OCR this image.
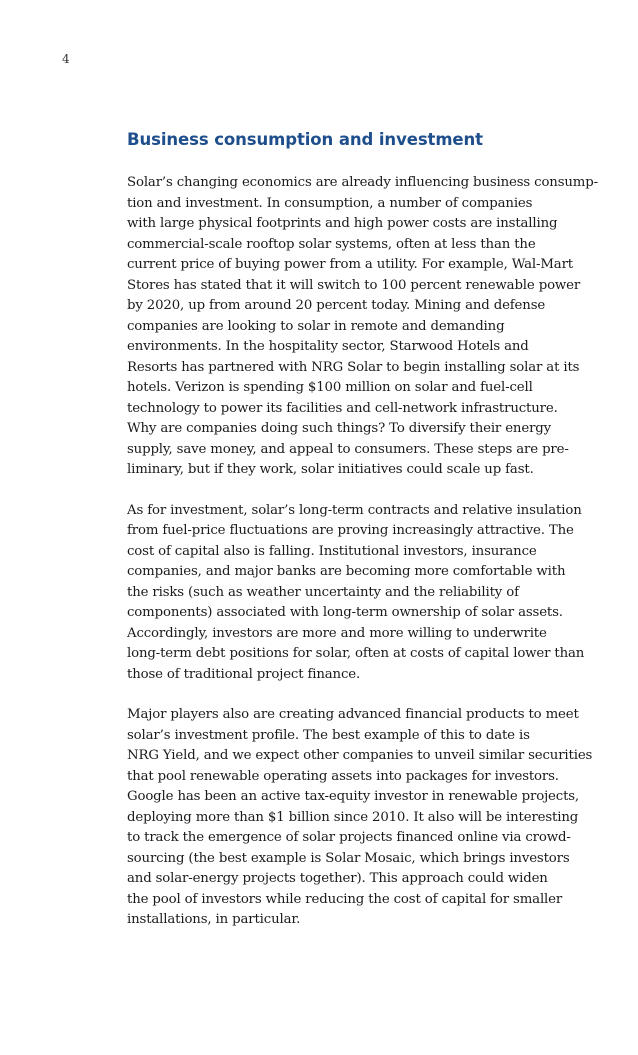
4
Business consumption and investment

Solar’s changing economics are already influencing business consump-
tion and investment. In consumption, a number of companies
with large physical footprints and high power costs are installing
commercial-scale rooftop solar systems, often at less than the
current price of buying power from a utility. For example, Wal-Mart
Stores has stated that it will switch to 100 percent renewable power
by 2020, up from around 20 percent today. Mining and defense
companies are looking to solar in remote and demanding
environments. In the hospitality sector, Starwood Hotels and
Resorts has partnered with NRG Solar to begin installing solar at its
hotels. Verizon is spending $100 million on solar and fuel-cell
technology to power its facilities and cell-network infrastructure.
Why are companies doing such things? To diversify their energy
supply, save money, and appeal to consumers. These steps are pre-
liminary, but if they work, solar initiatives could scale up fast.

As for investment, solar’s long-term contracts and relative insulation
from fuel-price fluctuations are proving increasingly attractive. The
cost of capital also is falling. Institutional investors, insurance
companies, and major banks are becoming more comfortable with
the risks (such as weather uncertainty and the reliability of
components) associated with long-term ownership of solar assets.
Accordingly, investors are more and more willing to underwrite
long-term debt positions for solar, often at costs of capital lower than
those of traditional project finance.

Major players also are creating advanced financial products to meet
solar’s investment profile. The best example of this to date is
NRG Yield, and we expect other companies to unveil similar securities
that pool renewable operating assets into packages for investors.
Google has been an active tax-equity investor in renewable projects,
deploying more than $1 billion since 2010. It also will be interesting
to track the emergence of solar projects financed online via crowd-
sourcing (the best example is Solar Mosaic, which brings investors
and solar-energy projects together). This approach could widen
the pool of investors while reducing the cost of capital for smaller
installations, in particular.
